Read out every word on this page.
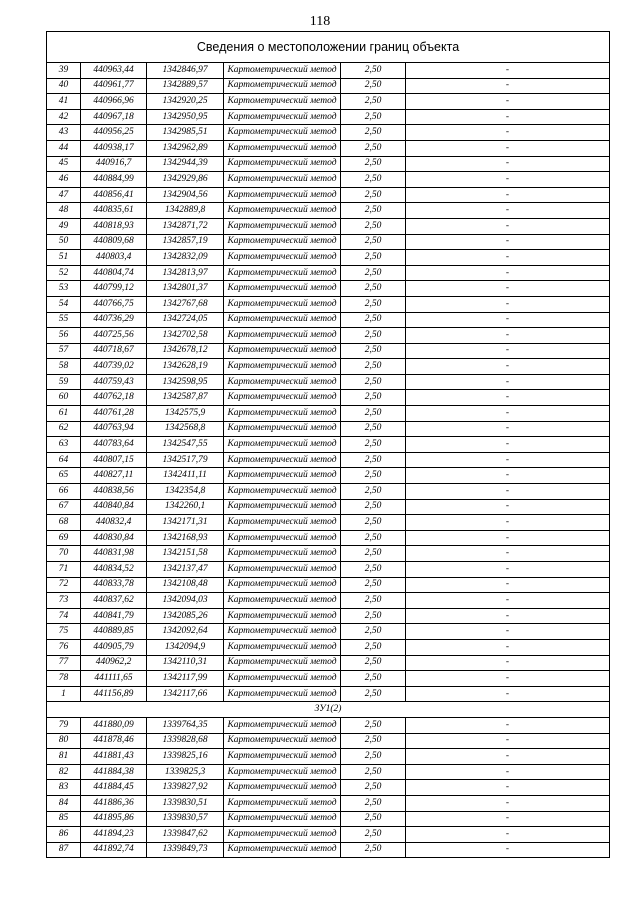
118
Сведения о местоположении границ объекта					
39	440963,44	1342846,97	Картометрический метод	2,50	-
40	440961,77	1342889,57	Картометрический метод	2,50	-
41	440966,96	1342920,25	Картометрический метод	2,50	-
42	440967,18	1342950,95	Картометрический метод	2,50	-
43	440956,25	1342985,51	Картометрический метод	2,50	-
44	440938,17	1342962,89	Картометрический метод	2,50	-
45	440916,7	1342944,39	Картометрический метод	2,50	-
46	440884,99	1342929,86	Картометрический метод	2,50	-
47	440856,41	1342904,56	Картометрический метод	2,50	-
48	440835,61	1342889,8	Картометрический метод	2,50	-
49	440818,93	1342871,72	Картометрический метод	2,50	-
50	440809,68	1342857,19	Картометрический метод	2,50	-
51	440803,4	1342832,09	Картометрический метод	2,50	-
52	440804,74	1342813,97	Картометрический метод	2,50	-
53	440799,12	1342801,37	Картометрический метод	2,50	-
54	440766,75	1342767,68	Картометрический метод	2,50	-
55	440736,29	1342724,05	Картометрический метод	2,50	-
56	440725,56	1342702,58	Картометрический метод	2,50	-
57	440718,67	1342678,12	Картометрический метод	2,50	-
58	440739,02	1342628,19	Картометрический метод	2,50	-
59	440759,43	1342598,95	Картометрический метод	2,50	-
60	440762,18	1342587,87	Картометрический метод	2,50	-
61	440761,28	1342575,9	Картометрический метод	2,50	-
62	440763,94	1342568,8	Картометрический метод	2,50	-
63	440783,64	1342547,55	Картометрический метод	2,50	-
64	440807,15	1342517,79	Картометрический метод	2,50	-
65	440827,11	1342411,11	Картометрический метод	2,50	-
66	440838,56	1342354,8	Картометрический метод	2,50	-
67	440840,84	1342260,1	Картометрический метод	2,50	-
68	440832,4	1342171,31	Картометрический метод	2,50	-
69	440830,84	1342168,93	Картометрический метод	2,50	-
70	440831,98	1342151,58	Картометрический метод	2,50	-
71	440834,52	1342137,47	Картометрический метод	2,50	-
72	440833,78	1342108,48	Картометрический метод	2,50	-
73	440837,62	1342094,03	Картометрический метод	2,50	-
74	440841,79	1342085,26	Картометрический метод	2,50	-
75	440889,85	1342092,64	Картометрический метод	2,50	-
76	440905,79	1342094,9	Картометрический метод	2,50	-
77	440962,2	1342110,31	Картометрический метод	2,50	-
78	441111,65	1342117,99	Картометрический метод	2,50	-
1	441156,89	1342117,66	Картометрический метод	2,50	-
ЗУ1(2)					
79	441880,09	1339764,35	Картометрический метод	2,50	-
80	441878,46	1339828,68	Картометрический метод	2,50	-
81	441881,43	1339825,16	Картометрический метод	2,50	-
82	441884,38	1339825,3	Картометрический метод	2,50	-
83	441884,45	1339827,92	Картометрический метод	2,50	-
84	441886,36	1339830,51	Картометрический метод	2,50	-
85	441895,86	1339830,57	Картометрический метод	2,50	-
86	441894,23	1339847,62	Картометрический метод	2,50	-
87	441892,74	1339849,73	Картометрический метод	2,50	-
